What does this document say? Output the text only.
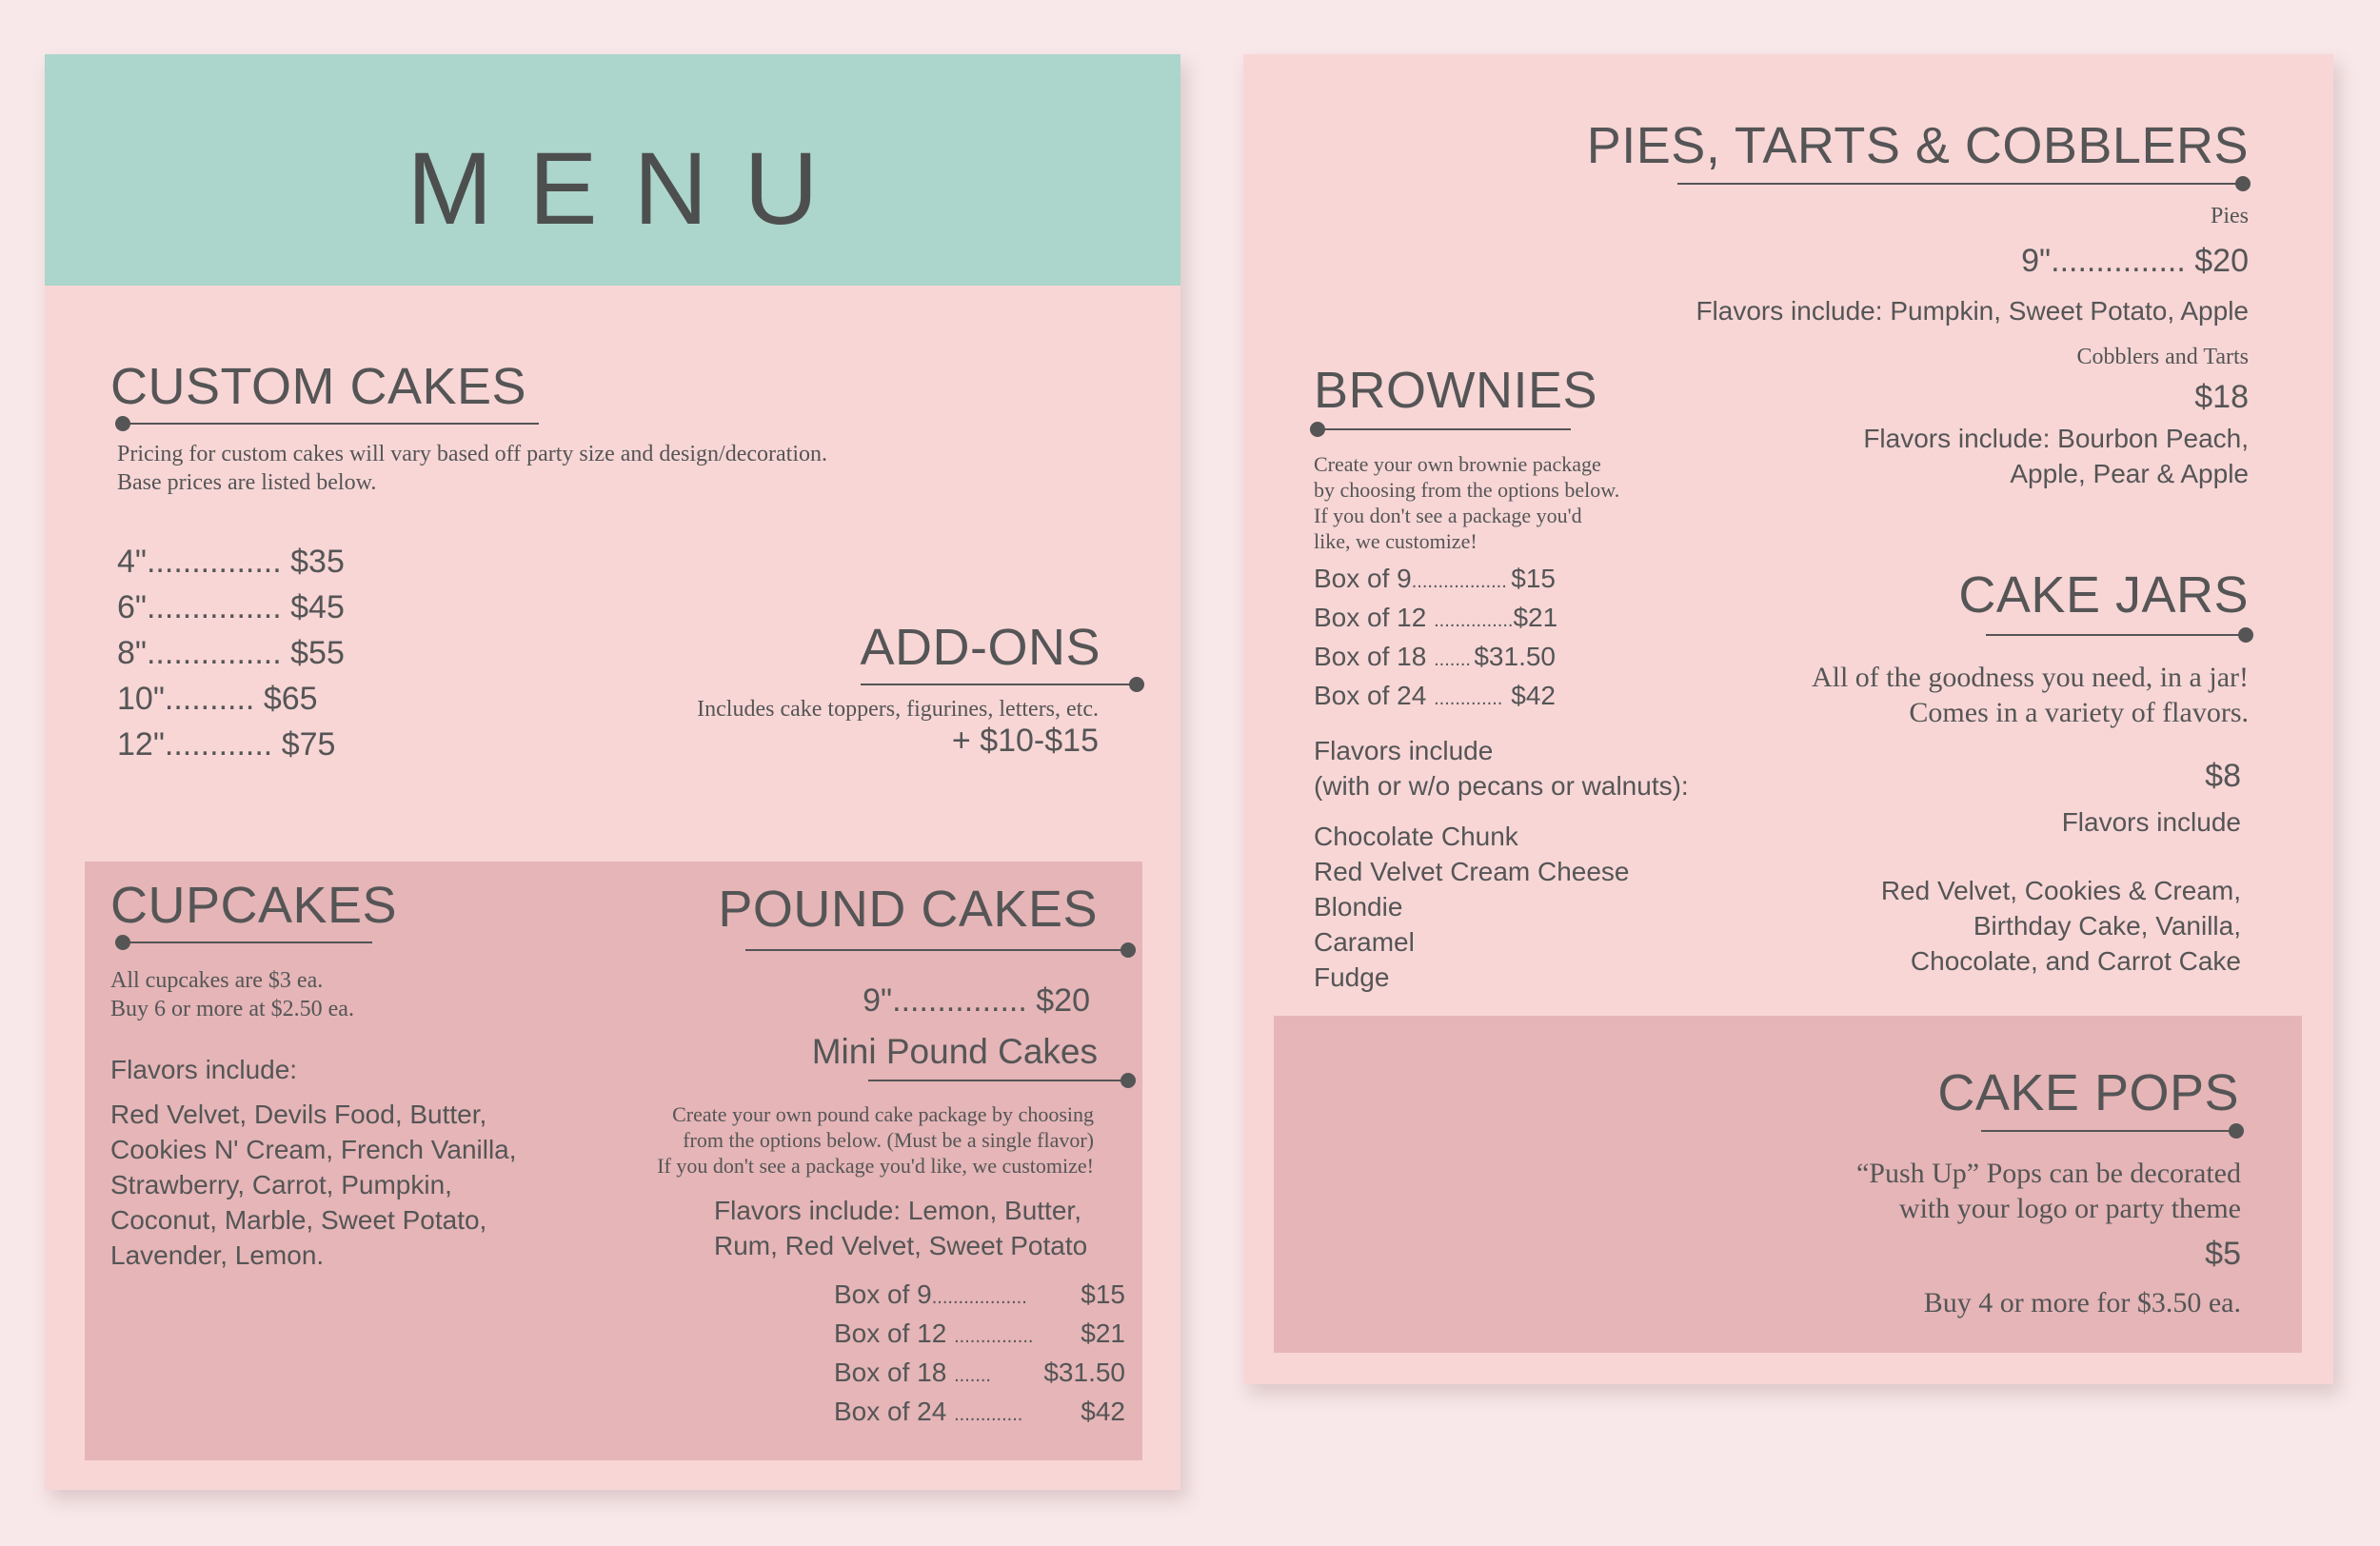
MENU
CUSTOM CAKES

Pricing for custom cakes will vary based off party size and design/decoration.

Base prices are listed below.

4"............... $35
6"............... $45
8"............... $55
10".......... $65
12"............ $75
ADD-ONS
Includes cake toppers, figurines, letters, etc.
+ $10-$15
CUPCAKES

All cupcakes are $3 ea.

Buy 6 or more at $2.50 ea.

Flavors include:

Red Velvet, Devils Food, Butter,

Cookies N' Cream, French Vanilla,

Strawberry, Carrot, Pumpkin,

Coconut, Marble, Sweet Potato,

Lavender, Lemon.

POUND CAKES
9"............... $20
Mini Pound Cakes

Create your own pound cake package by choosing

from the options below. (Must be a single flavor)

If you don't see a package you'd like, we customize!

Flavors include: Lemon, Butter,

Rum, Red Velvet, Sweet Potato

Box of 9.................. $15
Box of 12 ............... $21
Box of 18 ....... $31.50
Box of 24 ............. $42
PIES, TARTS & COBBLERS
Pies
9"............... $20
Flavors include: Pumpkin, Sweet Potato, Apple
Cobblers and Tarts
$18

Flavors include: Bourbon Peach,

Apple, Pear & Apple

BROWNIES

Create your own brownie package

by choosing from the options below.

If you don't see a package you'd

like, we customize!

Box of 9.................. $15
Box of 12 ............... $21
Box of 18 ....... $31.50
Box of 24 ............. $42

Flavors include

(with or w/o pecans or walnuts):

Chocolate Chunk

Red Velvet Cream Cheese

Blondie

Caramel

Fudge

CAKE JARS

All of the goodness you need, in a jar!

Comes in a variety of flavors.

$8
Flavors include

Red Velvet, Cookies & Cream,

Birthday Cake, Vanilla,

Chocolate, and Carrot Cake

CAKE POPS

“Push Up” Pops can be decorated

with your logo or party theme

$5
Buy 4 or more for $3.50 ea.
